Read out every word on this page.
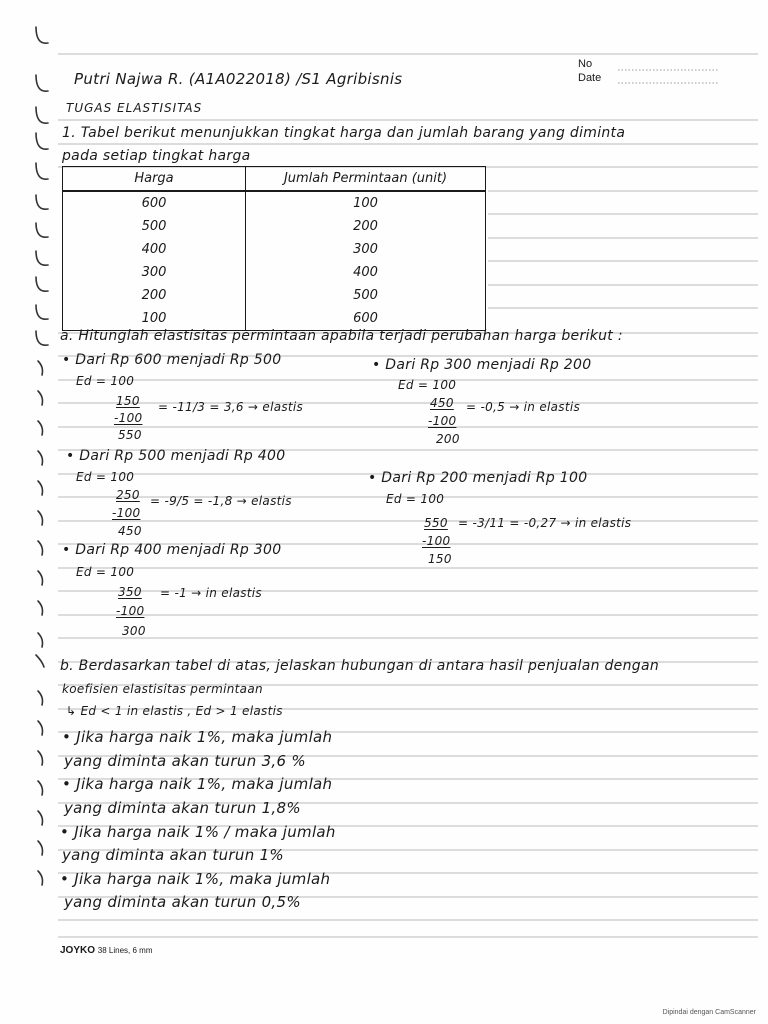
No
Date
Putri Najwa R. (A1A022018) /S1 Agribisnis
TUGAS ELASTISITAS
1. Tabel berikut menunjukkan tingkat harga dan jumlah barang yang diminta
pada setiap tingkat harga
Harga	Jumlah Permintaan (unit)
600	100
500	200
400	300
300	400
200	500
100	600
a. Hitunglah elastisitas permintaan apabila terjadi perubahan harga berikut :
• Dari Rp 600 menjadi Rp 500
Ed = 100
150
-100
550
= -11/3 = 3,6 → elastis
• Dari Rp 300 menjadi Rp 200
Ed = 100
450
-100
200
= -0,5 → in elastis
• Dari Rp 500 menjadi Rp 400
Ed = 100
250
-100
450
= -9/5 = -1,8 → elastis
• Dari Rp 200 menjadi Rp 100
Ed = 100
550
-100
150
= -3/11 = -0,27 → in elastis
• Dari Rp 400 menjadi Rp 300
Ed = 100
350
-100
300
= -1 → in elastis
b. Berdasarkan tabel di atas, jelaskan hubungan di antara hasil penjualan dengan
koefisien elastisitas permintaan
↳ Ed < 1 in elastis , Ed > 1 elastis
• Jika harga naik 1%, maka jumlah
yang diminta akan turun 3,6 %
• Jika harga naik 1%, maka jumlah
yang diminta akan turun 1,8%
• Jika harga naik 1% / maka jumlah
yang diminta akan turun 1%
• Jika harga naik 1%, maka jumlah
yang diminta akan turun 0,5%
JOYKO 38 Lines, 6 mm
Dipindai dengan CamScanner
